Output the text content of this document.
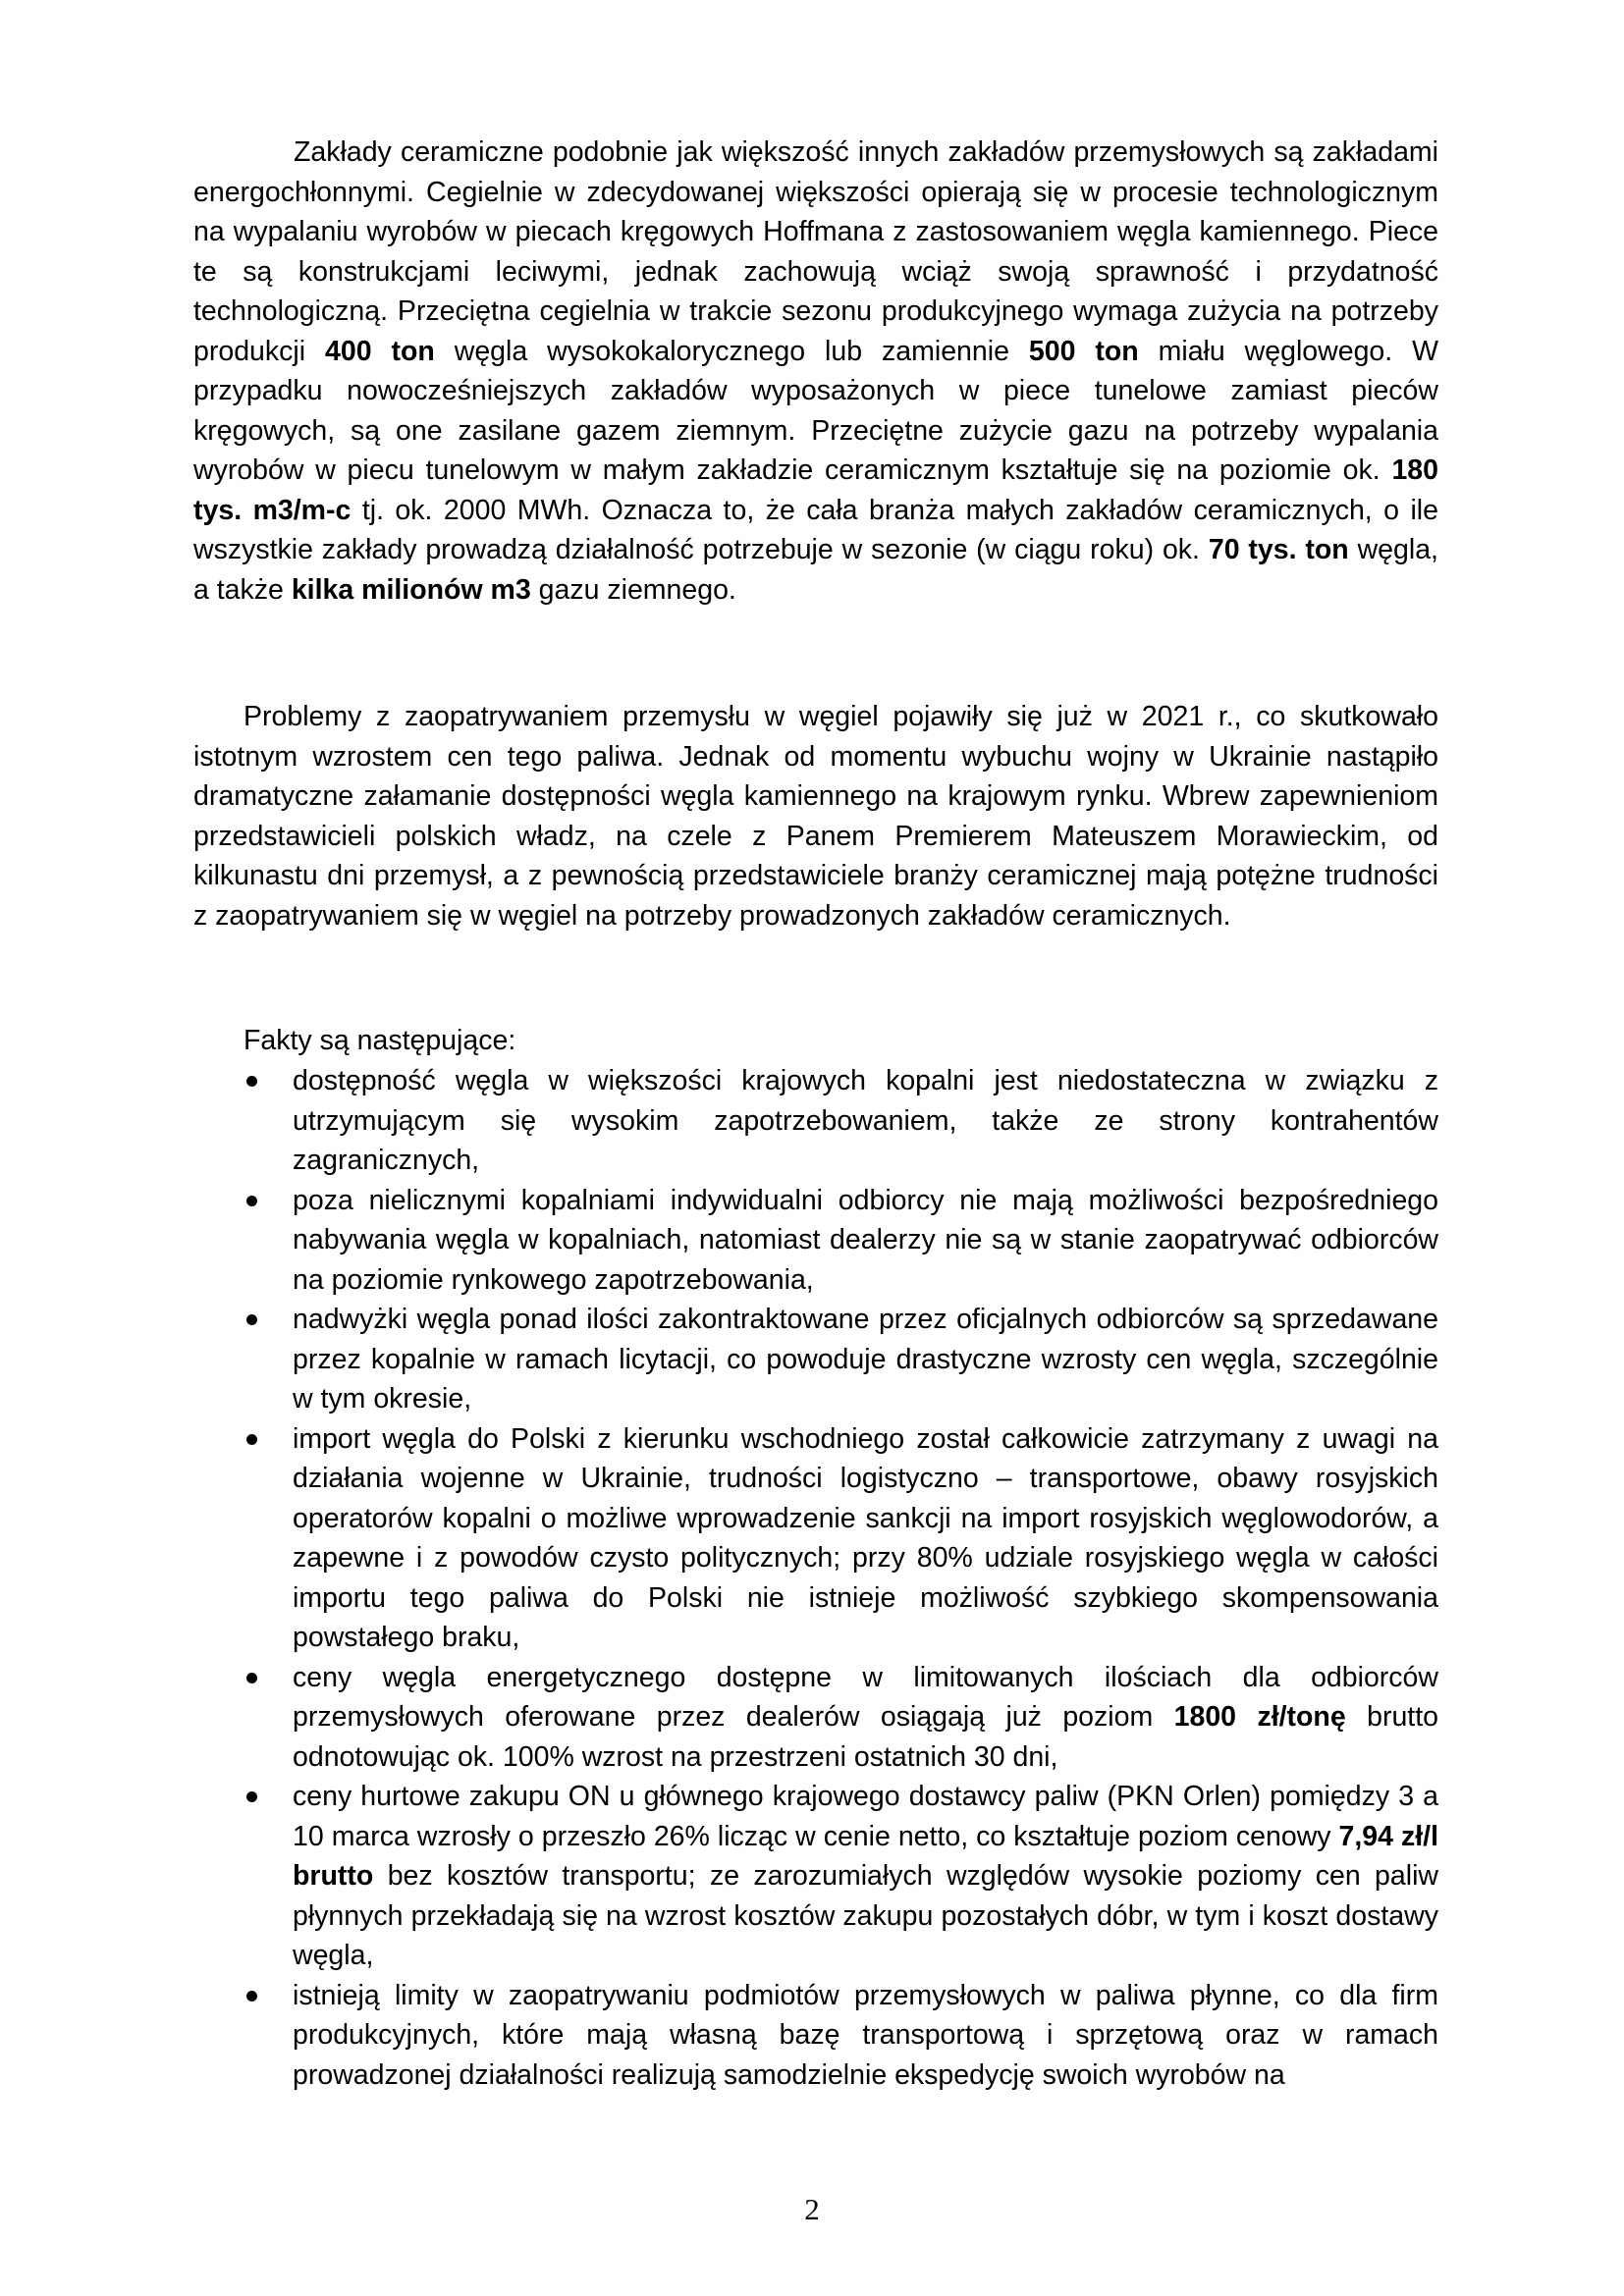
Zakłady ceramiczne podobnie jak większość innych zakładów przemysłowych są zakładami energochłonnymi. Cegielnie w zdecydowanej większości opierają się w procesie technologicznym na wypalaniu wyrobów w piecach kręgowych Hoffmana z zastosowaniem węgla kamiennego. Piece te są konstrukcjami leciwymi, jednak zachowują wciąż swoją sprawność i przydatność technologiczną. Przeciętna cegielnia w trakcie sezonu produkcyjnego wymaga zużycia na potrzeby produkcji 400 ton węgla wysokokalorycznego lub zamiennie 500 ton miału węglowego. W przypadku nowocześniejszych zakładów wyposażonych w piece tunelowe zamiast pieców kręgowych, są one zasilane gazem ziemnym. Przeciętne zużycie gazu na potrzeby wypalania wyrobów w piecu tunelowym w małym zakładzie ceramicznym kształtuje się na poziomie ok. 180 tys. m3/m-c tj. ok. 2000 MWh. Oznacza to, że cała branża małych zakładów ceramicznych, o ile wszystkie zakłady prowadzą działalność potrzebuje w sezonie (w ciągu roku) ok. 70 tys. ton węgla, a także kilka milionów m3 gazu ziemnego.
Problemy z zaopatrywaniem przemysłu w węgiel pojawiły się już w 2021 r., co skutkowało istotnym wzrostem cen tego paliwa. Jednak od momentu wybuchu wojny w Ukrainie nastąpiło dramatyczne załamanie dostępności węgla kamiennego na krajowym rynku. Wbrew zapewnieniom przedstawicieli polskich władz, na czele z Panem Premierem Mateuszem Morawieckim, od kilkunastu dni przemysł, a z pewnością przedstawiciele branży ceramicznej mają potężne trudności z zaopatrywaniem się w węgiel na potrzeby prowadzonych zakładów ceramicznych.
Fakty są następujące:
dostępność węgla w większości krajowych kopalni jest niedostateczna w związku z utrzymującym się wysokim zapotrzebowaniem, także ze strony kontrahentów zagranicznych,
poza nielicznymi kopalniami indywidualni odbiorcy nie mają możliwości bezpośredniego nabywania węgla w kopalniach, natomiast dealerzy nie są w stanie zaopatrywać odbiorców na poziomie rynkowego zapotrzebowania,
nadwyżki węgla ponad ilości zakontraktowane przez oficjalnych odbiorców są sprzedawane przez kopalnie w ramach licytacji, co powoduje drastyczne wzrosty cen węgla, szczególnie w tym okresie,
import węgla do Polski z kierunku wschodniego został całkowicie zatrzymany z uwagi na działania wojenne w Ukrainie, trudności logistyczno – transportowe, obawy rosyjskich operatorów kopalni o możliwe wprowadzenie sankcji na import rosyjskich węglowodorów, a zapewne i z powodów czysto politycznych; przy 80% udziale rosyjskiego węgla w całości importu tego paliwa do Polski nie istnieje możliwość szybkiego skompensowania powstałego braku,
ceny węgla energetycznego dostępne w limitowanych ilościach dla odbiorców przemysłowych oferowane przez dealerów osiągają już poziom 1800 zł/tonę brutto odnotowując ok. 100% wzrost na przestrzeni ostatnich 30 dni,
ceny hurtowe zakupu ON u głównego krajowego dostawcy paliw (PKN Orlen) pomiędzy 3 a 10 marca wzrosły o przeszło 26% licząc w cenie netto, co kształtuje poziom cenowy 7,94 zł/l brutto bez kosztów transportu; ze zarozumiałych względów wysokie poziomy cen paliw płynnych przekładają się na wzrost kosztów zakupu pozostałych dóbr, w tym i koszt dostawy węgla,
istnieją limity w zaopatrywaniu podmiotów przemysłowych w paliwa płynne, co dla firm produkcyjnych, które mają własną bazę transportową i sprzętową oraz w ramach prowadzonej działalności realizują samodzielnie ekspedycję swoich wyrobów na
2
